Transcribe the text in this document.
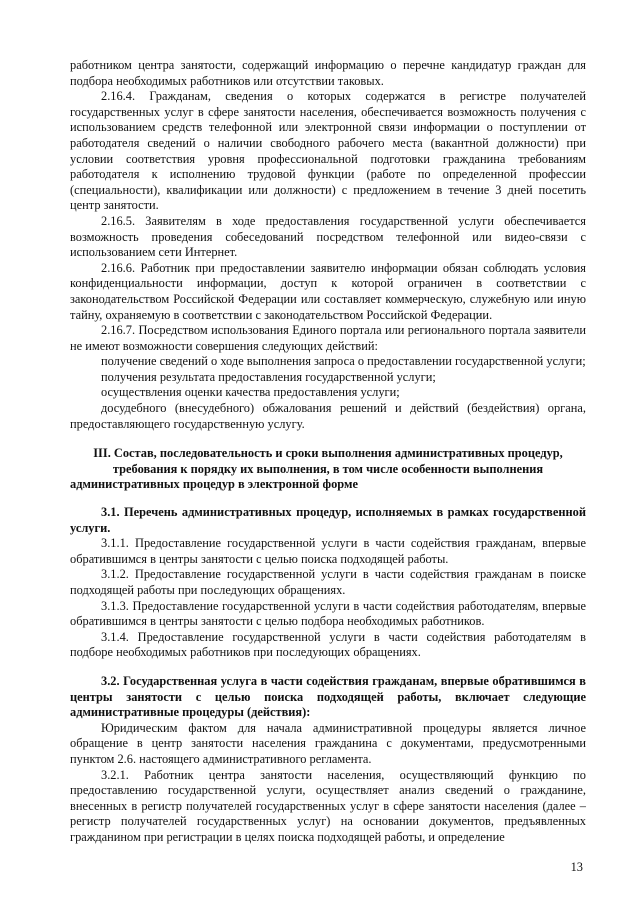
работником центра занятости, содержащий информацию о перечне кандидатур граждан для подбора необходимых работников или отсутствии таковых.

2.16.4. Гражданам, сведения о которых содержатся в регистре получателей государственных услуг в сфере занятости населения, обеспечивается возможность получения с использованием средств телефонной или электронной связи информации о поступлении от работодателя сведений о наличии свободного рабочего места (вакантной должности) при условии соответствия уровня профессиональной подготовки гражданина требованиям работодателя к исполнению трудовой функции (работе по определенной профессии (специальности), квалификации или должности) с предложением в течение 3 дней посетить центр занятости.

2.16.5. Заявителям в ходе предоставления государственной услуги обеспечивается возможность проведения собеседований посредством телефонной или видео-связи с использованием сети Интернет.

2.16.6. Работник при предоставлении заявителю информации обязан соблюдать условия конфиденциальности информации, доступ к которой ограничен в соответствии с законодательством Российской Федерации или составляет коммерческую, служебную или иную тайну, охраняемую в соответствии с законодательством Российской Федерации.

2.16.7. Посредством использования Единого портала или регионального портала заявители не имеют возможности совершения следующих действий:

получение сведений о ходе выполнения запроса о предоставлении государственной услуги;

получения результата предоставления государственной услуги;

осуществления оценки качества предоставления услуги;

досудебного (внесудебного) обжалования решений и действий (бездействия) органа, предоставляющего государственную услугу.

III. Состав, последовательность и сроки выполнения административных процедур, требования к порядку их выполнения, в том числе особенности выполнения административных процедур в электронной форме

3.1. Перечень административных процедур, исполняемых в рамках государственной услуги.

3.1.1. Предоставление государственной услуги в части содействия гражданам, впервые обратившимся в центры занятости с целью поиска подходящей работы.

3.1.2. Предоставление государственной услуги в части содействия гражданам в поиске подходящей работы при последующих обращениях.

3.1.3. Предоставление государственной услуги в части содействия работодателям, впервые обратившимся в центры занятости с целью подбора необходимых работников.

3.1.4. Предоставление государственной услуги в части содействия работодателям в подборе необходимых работников при последующих обращениях.

3.2. Государственная услуга в части содействия гражданам, впервые обратившимся в центры занятости с целью поиска подходящей работы, включает следующие административные процедуры (действия):

Юридическим фактом для начала административной процедуры является личное обращение в центр занятости населения гражданина с документами, предусмотренными пунктом 2.6. настоящего административного регламента.

3.2.1. Работник центра занятости населения, осуществляющий функцию по предоставлению государственной услуги, осуществляет анализ сведений о гражданине, внесенных в регистр получателей государственных услуг в сфере занятости населения (далее – регистр получателей государственных услуг) на основании документов, предъявленных гражданином при регистрации в целях поиска подходящей работы, и определение

13
